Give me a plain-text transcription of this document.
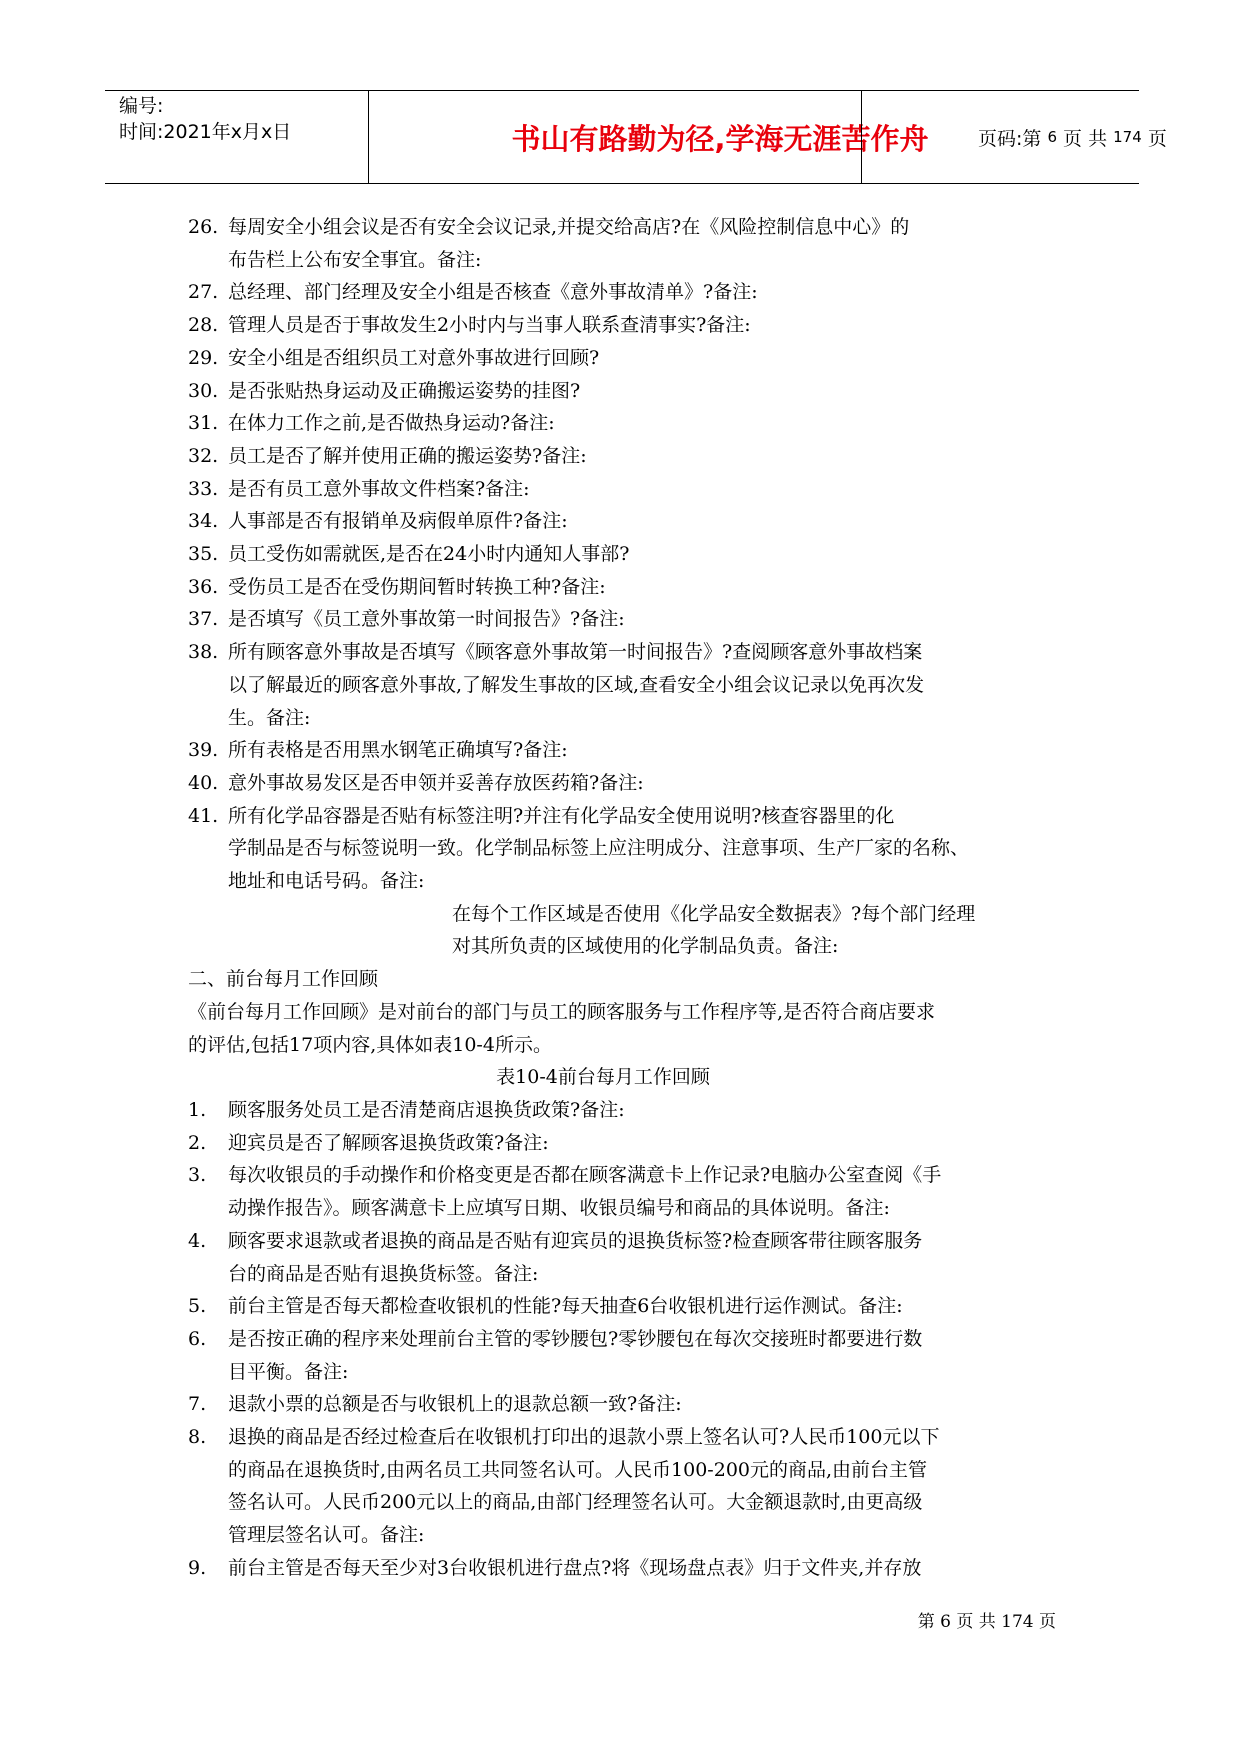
编号:
时间:2021年x月x日	书山有路勤为径,学海无涯苦作舟	页码:第
6
页 共
174
页
26. 每周安全小组会议是否有安全会议记录,并提交给高店?在《风险控制信息中心》的
布告栏上公布安全事宜。备注:
27. 总经理、部门经理及安全小组是否核查《意外事故清单》?备注:
28. 管理人员是否于事故发生2小时内与当事人联系查清事实?备注:
29. 安全小组是否组织员工对意外事故进行回顾?
30. 是否张贴热身运动及正确搬运姿势的挂图?
31. 在体力工作之前,是否做热身运动?备注:
32. 员工是否了解并使用正确的搬运姿势?备注:
33. 是否有员工意外事故文件档案?备注:
34. 人事部是否有报销单及病假单原件?备注:
35. 员工受伤如需就医,是否在24小时内通知人事部?
36. 受伤员工是否在受伤期间暂时转换工种?备注:
37. 是否填写《员工意外事故第一时间报告》?备注:
38. 所有顾客意外事故是否填写《顾客意外事故第一时间报告》?查阅顾客意外事故档案
以了解最近的顾客意外事故,了解发生事故的区域,查看安全小组会议记录以免再次发
生。备注:
39. 所有表格是否用黑水钢笔正确填写?备注:
40. 意外事故易发区是否申领并妥善存放医药箱?备注:
41. 所有化学品容器是否贴有标签注明?并注有化学品安全使用说明?核查容器里的化
学制品是否与标签说明一致。化学制品标签上应注明成分、注意事项、生产厂家的名称、
地址和电话号码。备注:
在每个工作区域是否使用《化学品安全数据表》?每个部门经理
对其所负责的区域使用的化学制品负责。备注:
二、前台每月工作回顾
《前台每月工作回顾》是对前台的部门与员工的顾客服务与工作程序等,是否符合商店要求
的评估,包括17项内容,具体如表10-4所示。
表10-4前台每月工作回顾
1.	顾客服务处员工是否清楚商店退换货政策?备注:
2.	迎宾员是否了解顾客退换货政策?备注:
3.	每次收银员的手动操作和价格变更是否都在顾客满意卡上作记录?电脑办公室查阅《手
动操作报告》。顾客满意卡上应填写日期、收银员编号和商品的具体说明。备注:
4.	顾客要求退款或者退换的商品是否贴有迎宾员的退换货标签?检查顾客带往顾客服务
台的商品是否贴有退换货标签。备注:
5.	前台主管是否每天都检查收银机的性能?每天抽查6台收银机进行运作测试。备注:
6.	是否按正确的程序来处理前台主管的零钞腰包?零钞腰包在每次交接班时都要进行数
目平衡。备注:
7.	退款小票的总额是否与收银机上的退款总额一致?备注:
8.	退换的商品是否经过检查后在收银机打印出的退款小票上签名认可?人民币100元以下
的商品在退换货时,由两名员工共同签名认可。人民币100-200元的商品,由前台主管
签名认可。人民币200元以上的商品,由部门经理签名认可。大金额退款时,由更高级
管理层签名认可。备注:
9.	前台主管是否每天至少对3台收银机进行盘点?将《现场盘点表》归于文件夹,并存放
第 6 页 共 174 页
